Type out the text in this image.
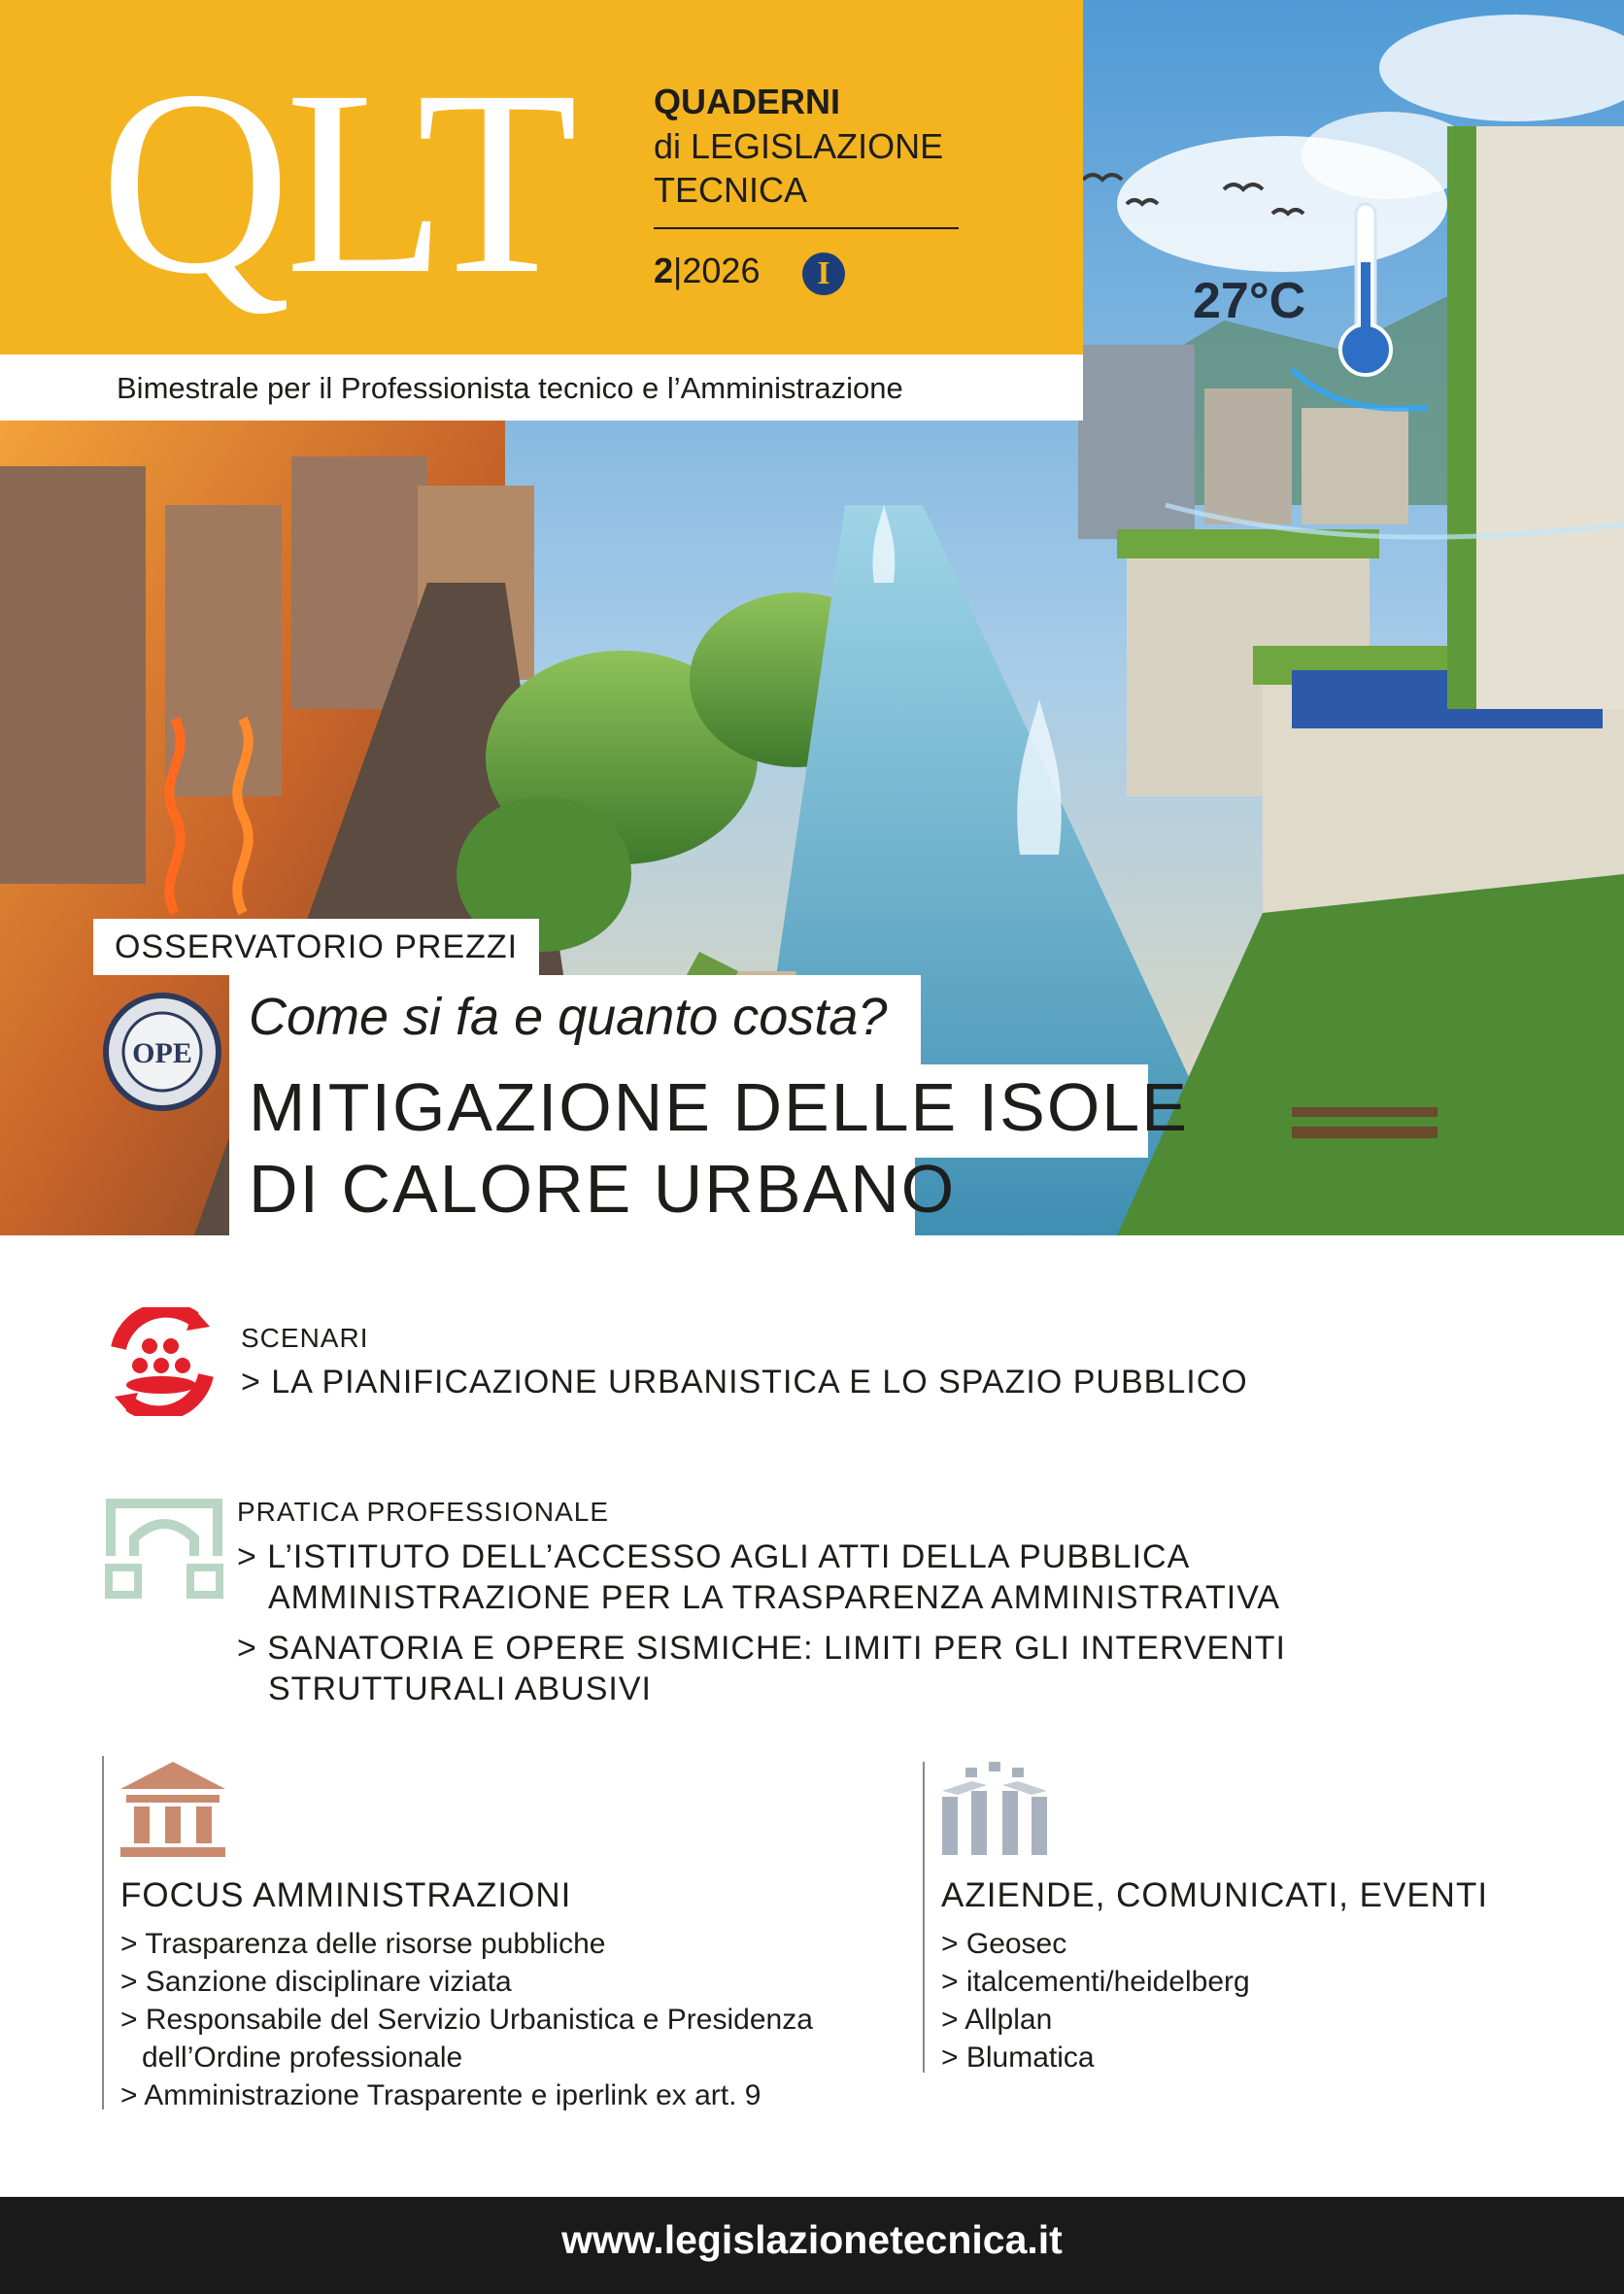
27°C
QLT QUADERNI
di LEGISLAZIONE
TECNICA
2|2026	I
Bimestrale per il Professionista tecnico e l’Amministrazione
OSSERVATORIO PREZZI
OPE
Come si fa e quanto costa?
MITIGAZIONE DELLE ISOLE
DI CALORE URBANO
SCENARI
> LA PIANIFICAZIONE URBANISTICA E LO SPAZIO PUBBLICO
PRATICA PROFESSIONALE
> L’ISTITUTO DELL’ACCESSO AGLI ATTI DELLA PUBBLICA
AMMINISTRAZIONE PER LA TRASPARENZA AMMINISTRATIVA
> SANATORIA E OPERE SISMICHE: LIMITI PER GLI INTERVENTI
STRUTTURALI ABUSIVI
FOCUS AMMINISTRAZIONI
> Trasparenza delle risorse pubbliche
> Sanzione disciplinare viziata
> Responsabile del Servizio Urbanistica e Presidenza
dell’Ordine professionale
> Amministrazione Trasparente e iperlink ex art. 9
AZIENDE, COMUNICATI, EVENTI
> Geosec
> italcementi/heidelberg
> Allplan
> Blumatica
www.legislazionetecnica.it
